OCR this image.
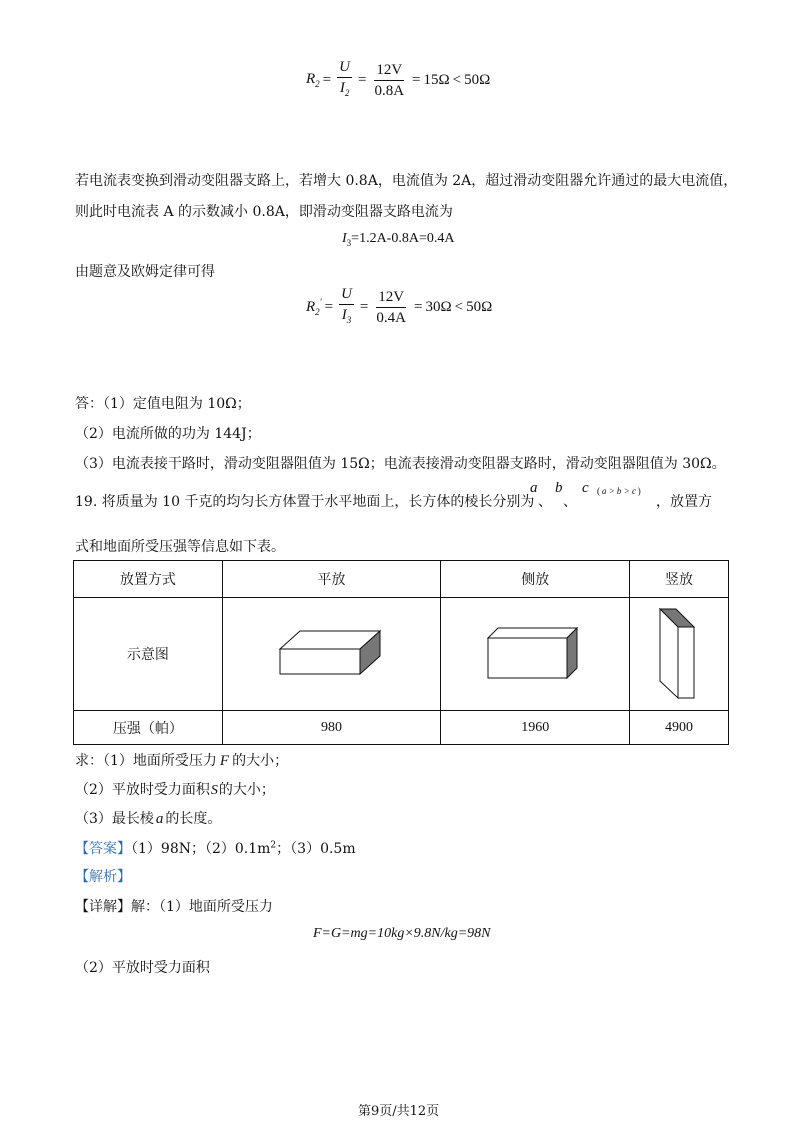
$R_2 = \frac{U}{I_2} = \frac{12V}{0.8A} = 15\Omega < 50\Omega$
若电流表变换到滑动变阻器支路上，若增大 0.8A，电流值为 2A，超过滑动变阻器允许通过的最大电流值，
则此时电流表 A 的示数减小 0.8A，即滑动变阻器支路电流为
$I_3=1.2A-0.8A=0.4A$
由题意及欧姆定律可得
$R_2' = \frac{U}{I_3} = \frac{12V}{0.4A} = 30\Omega < 50\Omega$
答：（1）定值电阻为 10Ω；
（2）电流所做的功为 144J；
（3）电流表接干路时，滑动变阻器阻值为 15Ω；电流表接滑动变阻器支路时，滑动变阻器阻值为 30Ω。
19. 将质量为 10 千克的均匀长方体置于水平地面上，长方体的棱长分别为
a
、
b
、
c ( a > b > c )
，放置方
式和地面所受压强等信息如下表。
放置方式	平放	侧放	竖放
示意图	

压强（帕）	980	1960	4900
求：（1）地面所受压力 F 的大小；
（2）平放时受力面积S的大小；
（3）最长棱 a 的长度。
【答案】（1）98N；$(2)0.1m^2$；（3）0.5m
【解析】
【详解】解：（1）地面所受压力
F=G=mg=10kg×9.8N/kg=98N
（2）平放时受力面积
第9页/共12页
